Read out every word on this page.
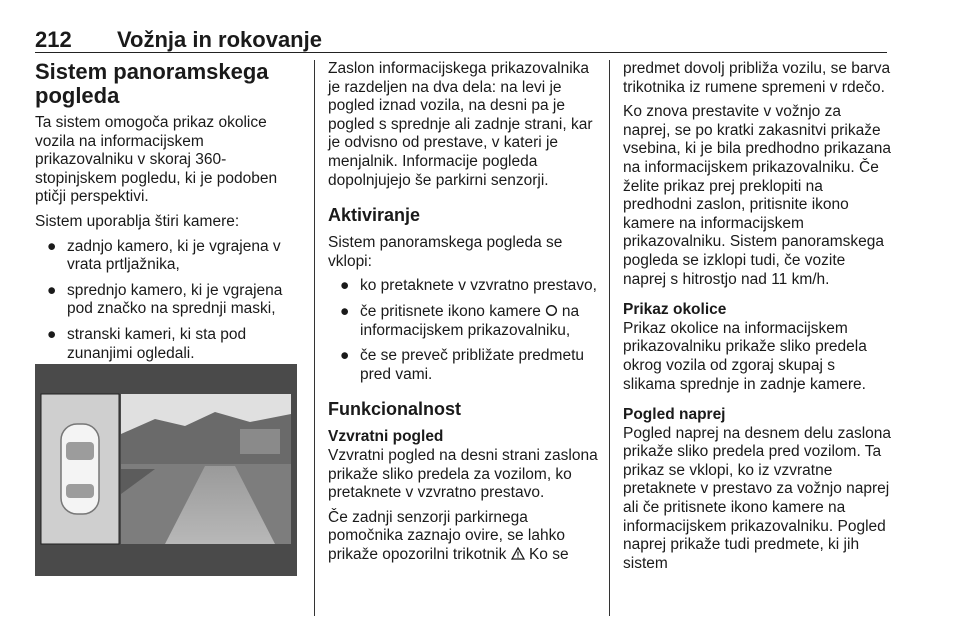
212 Vožnja in rokovanje
Sistem panoramskega pogleda

Ta sistem omogoča prikaz okolice vozila na informacijskem prikazovalniku v skoraj 360-stopinjskem pogledu, ki je podoben ptičji perspektivi.

Sistem uporablja štiri kamere:

● zadnjo kamero, ki je vgrajena v vrata prtljažnika,
● sprednjo kamero, ki je vgrajena pod značko na sprednji maski,
● stranski kameri, ki sta pod zunanjimi ogledali.

Zaslon informacijskega prikazovalnika je razdeljen na dva dela: na levi je pogled iznad vozila, na desni pa je pogled s sprednje ali zadnje strani, kar je odvisno od prestave, v kateri je menjalnik. Informacije pogleda dopolnjujejo še parkirni senzorji.

Aktiviranje

Sistem panoramskega pogleda se vklopi:

● ko pretaknete v vzvratno prestavo,
● če pritisnete ikono kamere ⭘ na informacijskem prikazovalniku,
● če se preveč približate predmetu pred vami.
Funkcionalnost
Vzvratni pogled

Vzvratni pogled na desni strani zaslona prikaže sliko predela za vozilom, ko pretaknete v vzvratno prestavo.

Če zadnji senzorji parkirnega pomočnika zaznajo ovire, se lahko prikaže opozorilni trikotnik Ko se

predmet dovolj približa vozilu, se barva trikotnika iz rumene spremeni v rdečo.

Ko znova prestavite v vožnjo za naprej, se po kratki zakasnitvi prikaže vsebina, ki je bila predhodno prikazana na informacijskem prikazovalniku. Če želite prikaz prej preklopiti na predhodni zaslon, pritisnite ikono kamere na informacijskem prikazovalniku. Sistem panoramskega pogleda se izklopi tudi, če vozite naprej s hitrostjo nad 11 km/h.

Prikaz okolice

Prikaz okolice na informacijskem prikazovalniku prikaže sliko predela okrog vozila od zgoraj skupaj s slikama sprednje in zadnje kamere.

Pogled naprej

Pogled naprej na desnem delu zaslona prikaže sliko predela pred vozilom. Ta prikaz se vklopi, ko iz vzvratne pretaknete v prestavo za vožnjo naprej ali če pritisnete ikono kamere na informacijskem prikazovalniku. Pogled naprej prikaže tudi predmete, ki jih sistem
